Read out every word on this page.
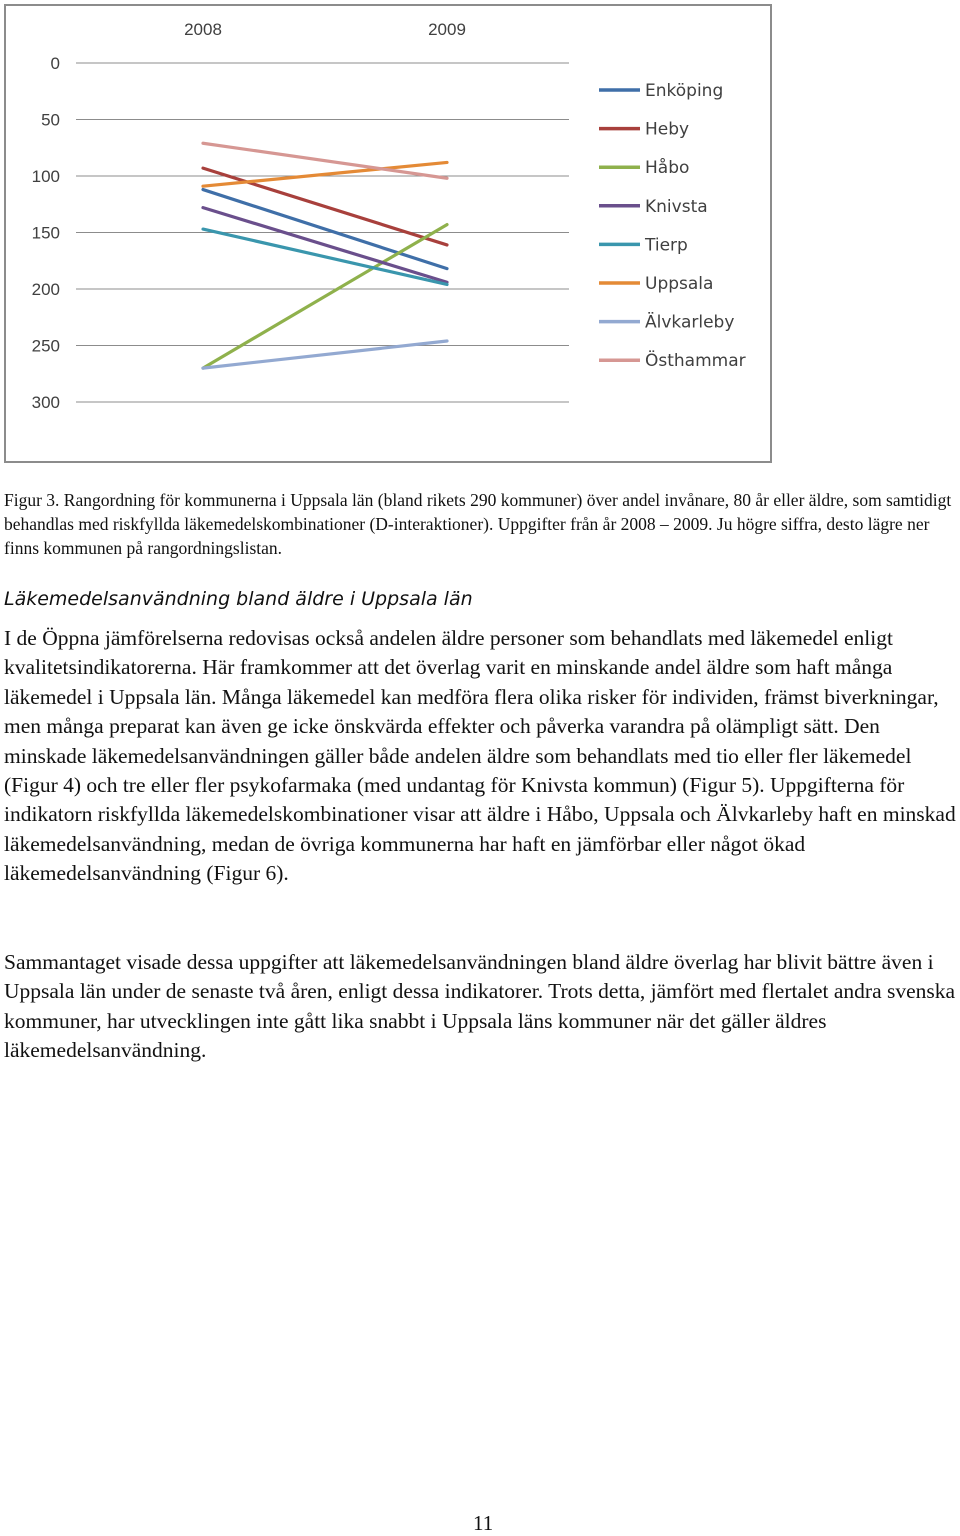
0
50
100
150
200
250
300
2008	2009
Enköping
Heby
Håbo
Knivsta
Tierp
Uppsala
Älvkarleby
Östhammar

Figur 3. Rangordning för kommunerna i Uppsala län (bland rikets 290 kommuner) över andel invånare, 80 år eller äldre, som samtidigt behandlas med riskfyllda läkemedelskombinationer (D-interaktioner). Uppgifter från år 2008 – 2009. Ju högre siffra, desto lägre ner finns kommunen på rangordningslistan.

Läkemedelsanvändning bland äldre i Uppsala län

I de Öppna jämförelserna redovisas också andelen äldre personer som behandlats med läkemedel enligt kvalitetsindikatorerna. Här framkommer att det överlag varit en minskande andel äldre som haft många läkemedel i Uppsala län. Många läkemedel kan medföra flera olika risker för individen, främst biverkningar, men många preparat kan även ge icke önskvärda effekter och påverka varandra på olämpligt sätt. Den minskade läkemedelsanvändningen gäller både andelen äldre som behandlats med tio eller fler läkemedel (Figur 4) och tre eller fler psykofarmaka (med undantag för Knivsta kommun) (Figur 5). Uppgifterna för indikatorn riskfyllda läkemedelskombinationer visar att äldre i Håbo, Uppsala och Älvkarleby haft en minskad läkemedelsanvändning, medan de övriga kommunerna har haft en jämförbar eller något ökad läkemedelsanvändning (Figur 6).

Sammantaget visade dessa uppgifter att läkemedelsanvändningen bland äldre överlag har blivit bättre även i Uppsala län under de senaste två åren, enligt dessa indikatorer. Trots detta, jämfört med flertalet andra svenska kommuner, har utvecklingen inte gått lika snabbt i Uppsala läns kommuner när det gäller äldres läkemedelsanvändning.

11
